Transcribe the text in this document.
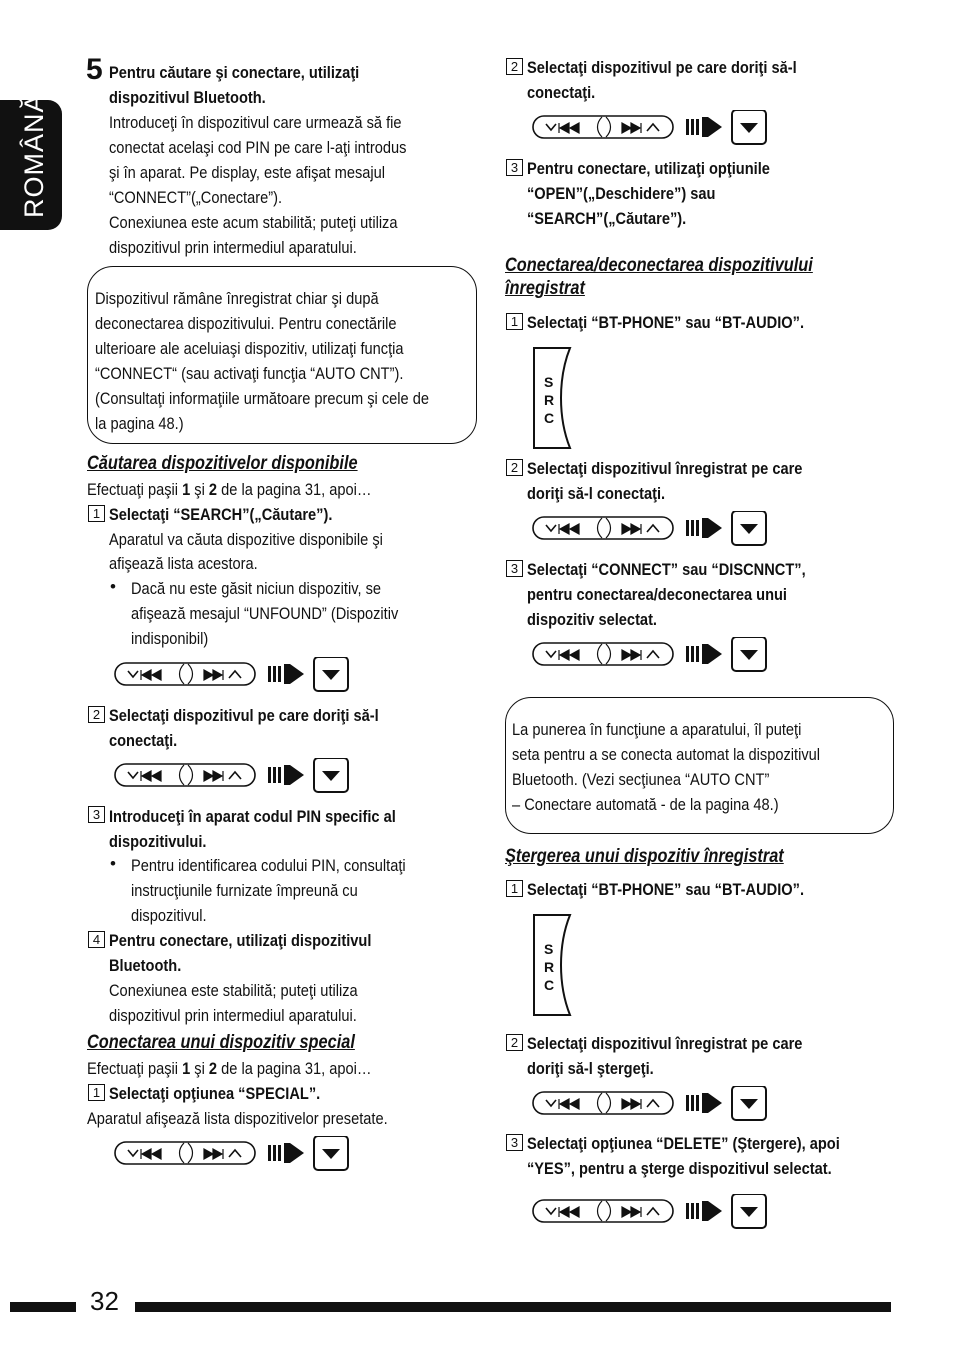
ROMÂNĂ
5 Pentru căutare şi conectare, utilizaţi
dispozitivul Bluetooth.
Introduceţi în dispozitivul care urmează să fie
conectat acelaşi cod PIN pe care l-aţi introdus
şi în aparat. Pe display, este afişat mesajul
“CONNECT”(„Conectare”).
Conexiunea este acum stabilită; puteţi utiliza
dispozitivul prin intermediul aparatului.
Dispozitivul rămâne înregistrat chiar şi după
deconectarea dispozitivului. Pentru conectările
ulterioare ale aceluiaşi dispozitiv, utilizaţi funcţia
“CONNECT“ (sau activaţi funcţia “AUTO CNT”).
(Consultaţi informaţiile următoare precum şi cele de
la pagina 48.)
Căutarea dispozitivelor disponibile
Efectuaţi paşii 1 şi 2 de la pagina 31, apoi…
1 Selectaţi “SEARCH”(„Căutare”).
Aparatul va căuta dispozitive disponibile şi
afişează lista acestora.
• Dacă nu este găsit niciun dispozitiv, se
afişează mesajul “UNFOUND” (Dispozitiv
indisponibil)
2 Selectaţi dispozitivul pe care doriţi să-l
conectaţi.
3 Introduceţi în aparat codul PIN specific al
dispozitivului.
• Pentru identificarea codului PIN, consultaţi
instrucţiunile furnizate împreună cu
dispozitivul.
4 Pentru conectare, utilizaţi dispozitivul
Bluetooth.
Conexiunea este stabilită; puteţi utiliza
dispozitivul prin intermediul aparatului.
Conectarea unui dispozitiv special
Efectuaţi paşii 1 şi 2 de la pagina 31, apoi…
1 Selectaţi opţiunea “SPECIAL”.
Aparatul afişează lista dispozitivelor presetate.
2 Selectaţi dispozitivul pe care doriţi să-l
conectaţi.
3 Pentru conectare, utilizaţi opţiunile
“OPEN”(„Deschidere”) sau
“SEARCH”(„Căutare”).
Conectarea/deconectarea dispozitivului
înregistrat
1 Selectaţi “BT-PHONE” sau “BT-AUDIO”.
S
R
C
2 Selectaţi dispozitivul înregistrat pe care
doriţi să-l conectaţi.
3 Selectaţi “CONNECT” sau “DISCNNCT”,
pentru conectarea/deconectarea unui
dispozitiv selectat.
La punerea în funcţiune a aparatului, îl puteţi
seta pentru a se conecta automat la dispozitivul
Bluetooth. (Vezi secţiunea “AUTO CNT”
– Conectare automată - de la pagina 48.)
Ştergerea unui dispozitiv înregistrat
1 Selectaţi “BT-PHONE” sau “BT-AUDIO”.
S
R
C
2 Selectaţi dispozitivul înregistrat pe care
doriţi să-l ştergeţi.
3 Selectaţi opţiunea “DELETE” (Ştergere), apoi
“YES”, pentru a şterge dispozitivul selectat.
32
